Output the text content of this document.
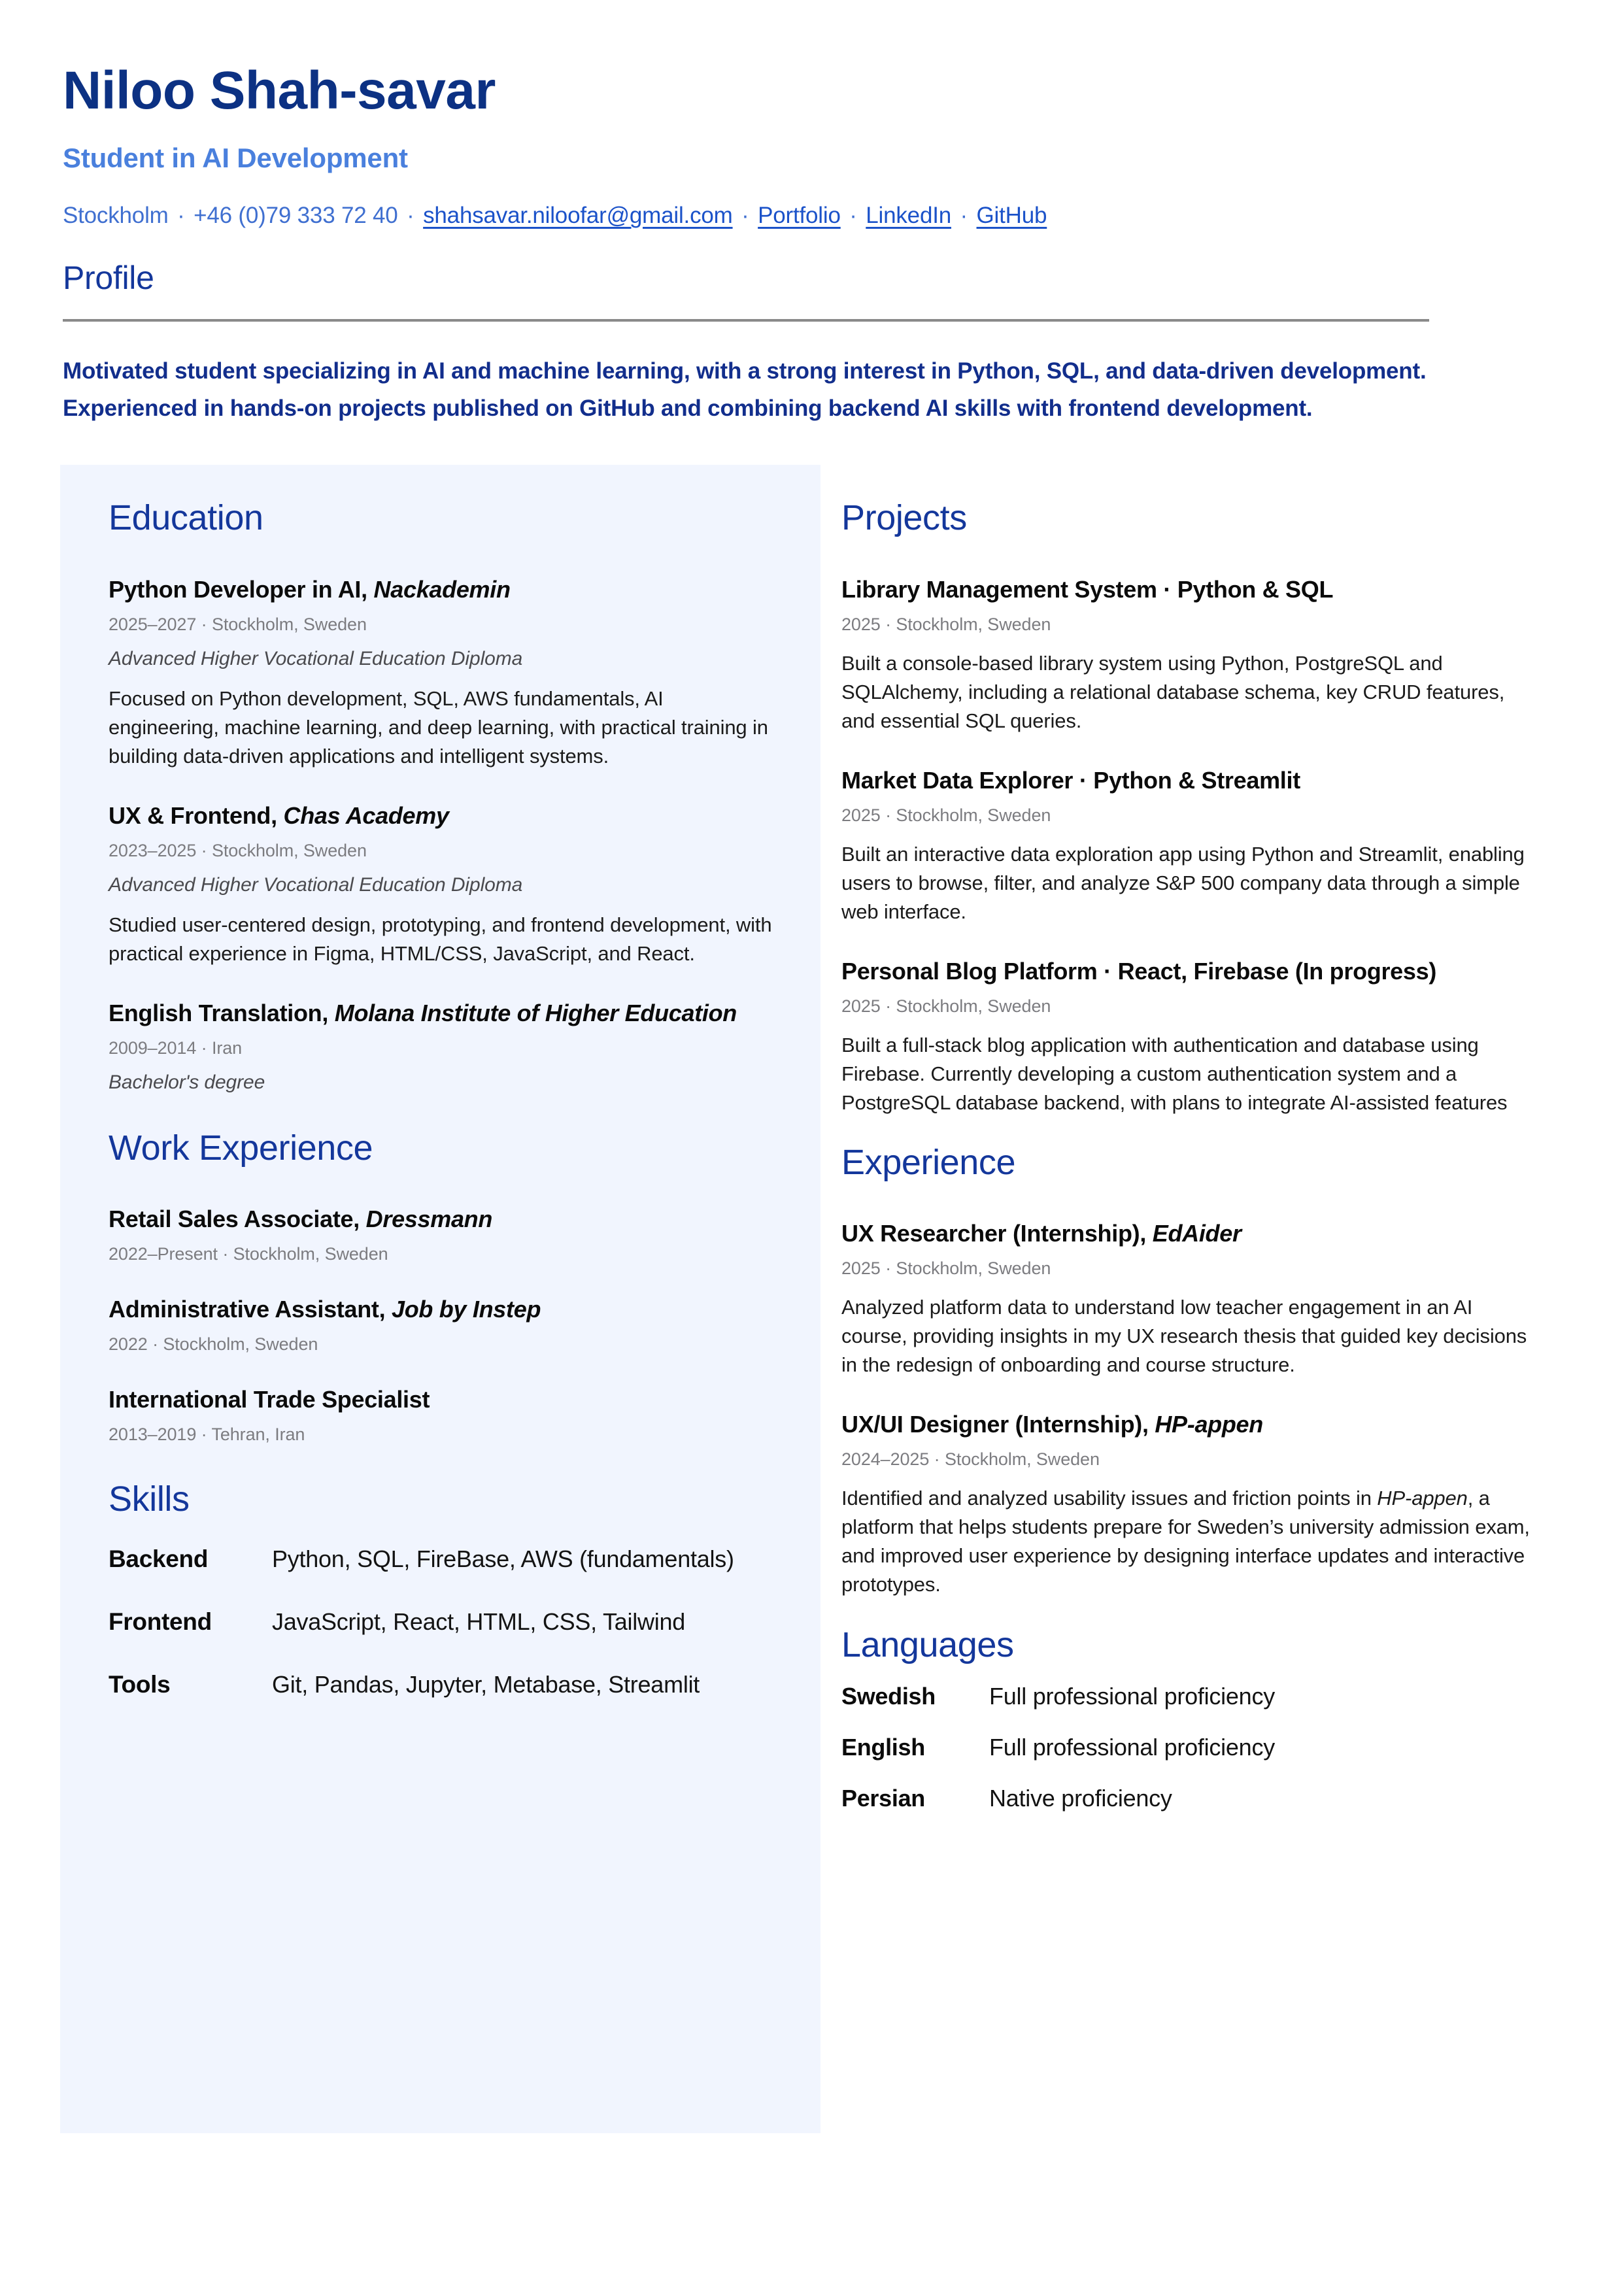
Niloo Shah-savar
Student in AI Development
Stockholm · +46 (0)79 333 72 40 · shahsavar.niloofar@gmail.com · Portfolio · LinkedIn · GitHub
Profile
Motivated student specializing in AI and machine learning, with a strong interest in Python, SQL, and data-driven development. Experienced in hands-on projects published on GitHub and combining backend AI skills with frontend development.
Education
Python Developer in AI, Nackademin
2025–2027 · Stockholm, Sweden
Advanced Higher Vocational Education Diploma
Focused on Python development, SQL, AWS fundamentals, AI engineering, machine learning, and deep learning, with practical training in building data-driven applications and intelligent systems.
UX & Frontend, Chas Academy
2023–2025 · Stockholm, Sweden
Advanced Higher Vocational Education Diploma
Studied user-centered design, prototyping, and frontend development, with practical experience in Figma, HTML/CSS, JavaScript, and React.
English Translation, Molana Institute of Higher Education
2009–2014 · Iran
Bachelor's degree
Work Experience
Retail Sales Associate, Dressmann
2022–Present · Stockholm, Sweden
Administrative Assistant, Job by Instep
2022 · Stockholm, Sweden
International Trade Specialist
2013–2019 · Tehran, Iran
Skills
Backend	Python, SQL, FireBase, AWS (fundamentals)
Frontend	JavaScript, React, HTML, CSS, Tailwind
Tools	Git, Pandas, Jupyter, Metabase, Streamlit
Projects
Library Management System · Python & SQL
2025 · Stockholm, Sweden
Built a console-based library system using Python, PostgreSQL and SQLAlchemy, including a relational database schema, key CRUD features, and essential SQL queries.
Market Data Explorer · Python & Streamlit
2025 · Stockholm, Sweden
Built an interactive data exploration app using Python and Streamlit, enabling users to browse, filter, and analyze S&P 500 company data through a simple web interface.
Personal Blog Platform · React, Firebase (In progress)
2025 · Stockholm, Sweden
Built a full-stack blog application with authentication and database using Firebase. Currently developing a custom authentication system and a PostgreSQL database backend, with plans to integrate AI-assisted features
Experience
UX Researcher (Internship), EdAider
2025 · Stockholm, Sweden
Analyzed platform data to understand low teacher engagement in an AI course, providing insights in my UX research thesis that guided key decisions in the redesign of onboarding and course structure.
UX/UI Designer (Internship), HP-appen
2024–2025 · Stockholm, Sweden
Identified and analyzed usability issues and friction points in HP-appen, a platform that helps students prepare for Sweden’s university admission exam, and improved user experience by designing interface updates and interactive prototypes.
Languages
Swedish	Full professional proficiency
English	Full professional proficiency
Persian	Native proficiency
